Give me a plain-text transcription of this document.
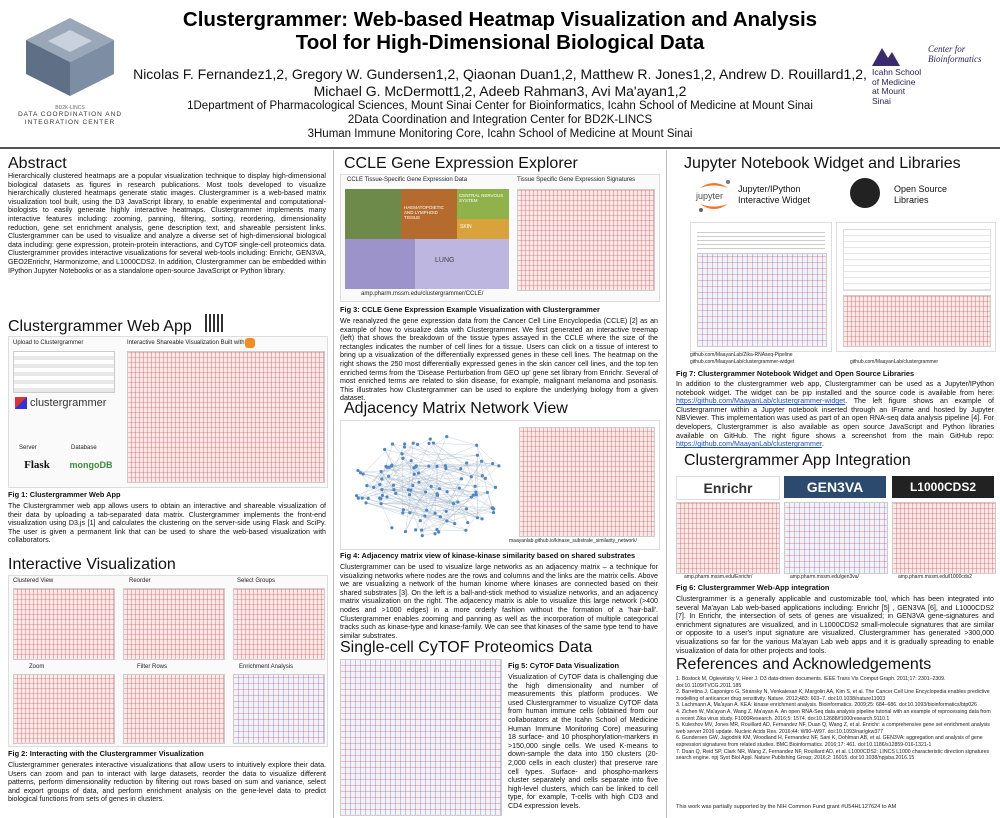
BD2K-LINCS
DATA COORDINATION AND INTEGRATION CENTER
Clustergrammer: Web-based Heatmap Visualization and Analysis
Tool for High-Dimensional Biological Data
Nicolas F. Fernandez1,2, Gregory W. Gundersen1,2, Qiaonan Duan1,2, Matthew R. Jones1,2, Andrew D. Rouillard1,2,
Michael G. McDermott1,2, Adeeb Rahman3, Avi Ma'ayan1,2
1Department of Pharmacological Sciences, Mount Sinai Center for Bioinformatics, Icahn School of Medicine at Mount Sinai
2Data Coordination and Integration Center for BD2K-LINCS
3Human Immune Monitoring Core, Icahn School of Medicine at Mount Sinai
Icahn School of Medicine at Mount Sinai
Center for Bioinformatics
Abstract
Hierarchically clustered heatmaps are a popular visualization technique to display high-dimensional biological datasets as figures in research publications. Most tools developed to visualize hierarchically clustered heatmaps generate static images. Clustergrammer is a web-based matrix visualization tool built, using the D3 JavaScript library, to enable experimental and computational-biologists to easily generate highly interactive heatmaps. Clustergrammer implements many interactive features including: zooming, panning, filtering, sorting, reordering, dimensionality reduction, gene set enrichment analysis, gene description text, and shareable persistent links. Clustergrammer can be used to visualize and analyze a diverse set of high-dimensional biological data including: gene expression, protein-protein interactions, and CyTOF single-cell proteomics data. Clustergrammer provides interactive visualizations for several web-tools including: Enrichr, GEN3VA, GEO2Enrichr, Harmonizome, and L1000CDS2. In addition, Clustergrammer can be embedded within IPython Jupyter Notebooks or as a standalone open-source JavaScript or Python library.
Clustergrammer Web App
Upload to Clustergrammer	Interactive Shareable Visualization Built with
clustergrammer
Server	Database
Flask mongoDB
Fig 1: Clustergrammer Web App
The Clustergrammer web app allows users to obtain an interactive and shareable visualization of their data by uploading a tab-separated data matrix. Clustergrammer implements the front-end visualization using D3.js [1] and calculates the clustering on the server-side using Flask and SciPy. The user is given a permanent link that can be used to share the web-based visualization with collaborators.
Interactive Visualization
Clustered View	Reorder	Select Groups
Zoom	Filter Rows	Enrichment Analysis
Fig 2: Interacting with the Clustergrammer Visualization
Clustergrammer generates interactive visualizations that allow users to intuitively explore their data. Users can zoom and pan to interact with large datasets, reorder the data to visualize different patterns, perform dimensionality reduction by filtering out rows based on sum and variance, select and export groups of data, and perform enrichment analysis on the gene-level data to predict biological functions from sets of genes in clusters.
CCLE Gene Expression Explorer
CCLE Tissue-Specific Gene Expression Data	Tissue Specific Gene Expression Signatures
HAEMATOPOIETIC AND LYMPHOID TISSUE
CENTRAL NERVOUS SYSTEM
SKIN
LUNG
amp.pharm.mssm.edu/clustergrammer/CCLE/
Fig 3: CCLE Gene Expression Example Visualization with Clustergrammer
We reanalyzed the gene expression data from the Cancer Cell Line Encyclopedia (CCLE) [2] as an example of how to visualize data with Clustergrammer. We first generated an interactive treemap (left) that shows the breakdown of the tissue types assayed in the CCLE where the size of the rectangles indicates the number of cell lines for a tissue. Users can click on a tissue of interest to bring up a visualization of the differentially expressed genes in these cell lines. The heatmap on the right shows the 250 most differentially expressed genes in the skin cancer cell lines, and the top ten enriched terms from the 'Disease Perturbation from GEO up' gene set library from Enrichr. Several of most enriched terms are related to skin disease, for example, malignant melanoma and psoriasis. This illustrates how Clustergrammer can be used to explore the underlying biology from a given dataset.
Adjacency Matrix Network View
maayanlab.github.io/kinase_substrate_similarity_network/
Fig 4: Adjacency matrix view of kinase-kinase similarity based on shared substrates
Clustergrammer can be used to visualize large networks as an adjacency matrix – a technique for visualizing networks where nodes are the rows and columns and the links are the matrix cells. Above we are visualizing a network of the human kinome where kinases are connected based on their shared substrates [3]. On the left is a ball-and-stick method to visualize networks, and an adjacency matrix visualization on the right. The adjacency matrix is able to visualize this large network (>400 nodes and >1000 edges) in a more orderly fashion without the formation of a 'hair-ball'. Clustergrammer enables zooming and panning as well as the incorporation of multiple categorical tracks such as kinase-type and kinase-family. We can see that kinases of the same type tend to have similar substrates.
Single-cell CyTOF Proteomics Data
Fig 5: CyTOF Data Visualization
Visualization of CyTOF data is challenging due the high dimensionality and number of measurements this platform produces. We used Clustergrammer to visualize CyTOF data from human immune cells (obtained from our collaborators at the Icahn School of Medicine Human Immune Monitoring Core) measuring 18 surface- and 10 phosphorylation-markers in >150,000 single cells. We used K-means to down-sample the data into 150 clusters (20-2,000 cells in each cluster) that preserve rare cell types. Surface- and phospho-markers cluster separately and cells separate into five high-level clusters, which can be linked to cell type, for example, T-cells with high CD3 and CD4 expression levels.
Jupyter Notebook Widget and Libraries
jupyter
Jupyter/IPython Interactive Widget
Open Source Libraries
github.com/MaayanLab/Zika-RNAseq-Pipeline
github.com/MaayanLab/clustergrammer-widget	github.com/MaayanLab/clustergrammer
Fig 7: Clustergrammer Notebook Widget and Open Source Libraries
In addition to the clustergrammer web app, Clustergrammer can be used as a Jupyter/IPython notebook widget. The widget can be pip installed and the source code is available from here: https://github.com/MaayanLab/clustergrammer-widget. The left figure shows an example of Clustergrammer within a Jupyter notebook inserted through an IFrame and hosted by Jupyter NBViewer. This implementation was used as part of an open RNA-seq data analysis pipeline [4]. For developers, Clustergrammer is also available as open source JavaScript and Python libraries available on GitHub. The right figure shows a screenshot from the main GitHub repo: https://github.com/MaayanLab/clustergrammer.
Clustergrammer App Integration
Enrichr	GEN3VA	L1000CDS2
amp.pharm.mssm.edu/Enrichr/	amp.pharm.mssm.edu/gen3va/	amp.pharm.mssm.edu/l1000cds2
Fig 6: Clustergrammer Web-App integration
Clustergrammer is a generally applicable and customizable tool, which has been integrated into several Ma'ayan Lab web-based applications including: Enrichr [5] , GEN3VA [6], and L1000CDS2 [7]. In Enrichr, the intersection of sets of genes are visualized; in GEN3VA gene-signatures and enrichment signatures are visualized, and in L1000CDS2 small-molecule signatures that are similar or opposite to a user's input signature are visualized. Clustergrammer has generated >300,000 visualizations so far for the various Ma'ayan Lab web apps and it is gradually spreading to enable visualization of data for other projects and tools.
References and Acknowledgements
1. Bostock M, Ogievetsky V, Heer J. D3 data-driven documents. IEEE Trans Vis Comput Graph. 2011;17: 2301–2309. doi:10.1109/TVCG.2011.185
2. Barretina J, Caponigro G, Stransky N, Venkatesan K, Margolin AA, Kim S, et al. The Cancer Cell Line Encyclopedia enables predictive modelling of anticancer drug sensitivity. Nature. 2012;483: 603–7. doi:10.1038/nature11003
3. Lachmann A, Ma'ayan A. KEA: kinase enrichment analysis. Bioinformatics. 2009;25: 684–686. doi:10.1093/bioinformatics/btp026
4. Zichen W, Ma'ayan A, Wang Z, Ma'ayan A. An open RNA-Seq data analysis pipeline tutorial with an example of reprocessing data from a recent Zika virus study. F1000Research. 2016;5: 1574. doi:10.12688/f1000research.9110.1
5. Kuleshov MV, Jones MR, Rouillard AD, Fernandez NF, Duan Q, Wang Z, et al. Enrichr: a comprehensive gene set enrichment analysis web server 2016 update. Nucleic Acids Res. 2016;44: W90–W97. doi:10.1093/nar/gkw377
6. Gundersen GW, Jagodnik KM, Woodland H, Fernandez NF, Sani K, Dohlman AB, et al. GEN3VA: aggregation and analysis of gene expression signatures from related studies. BMC Bioinformatics. 2016;17: 461. doi:10.1186/s12859-016-1321-1
7. Duan Q, Reid SP, Clark NR, Wang Z, Fernandez NF, Rouillard AD, et al. L1000CDS2: LINCS L1000 characteristic direction signatures search engine. npj Syst Biol Appl. Nature Publishing Group; 2016;2: 16015. doi:10.1038/npjsba.2016.15
This work was partially supported by the NIH Common Fund grant #U54HL127624 to AM
